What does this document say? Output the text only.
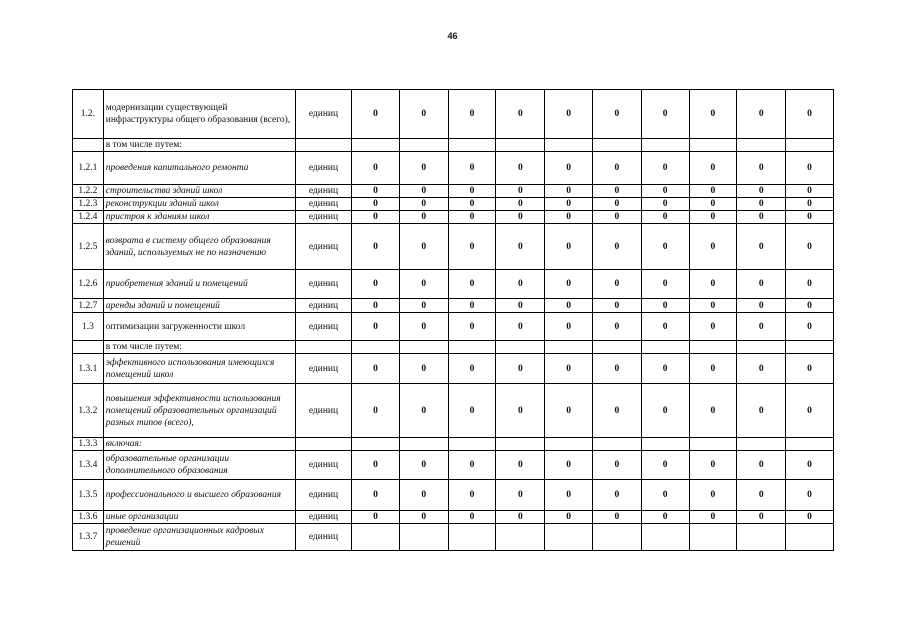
46
1.2.	модернизации существующей инфраструктуры общего образования (всего),	единиц	0	0	0	0	0	0	0	0	0	0
	в том числе путем:											
1.2.1	проведения капитального ремонта	единиц	0	0	0	0	0	0	0	0	0	0
1.2.2	строительства зданий школ	единиц	0	0	0	0	0	0	0	0	0	0
1.2.3	реконструкции зданий школ	единиц	0	0	0	0	0	0	0	0	0	0
1.2.4	пристроя к зданиям школ	единиц	0	0	0	0	0	0	0	0	0	0
1.2.5	возврата в систему общего образования зданий, используемых не по назначению	единиц	0	0	0	0	0	0	0	0	0	0
1.2.6	приобретения зданий и помещений	единиц	0	0	0	0	0	0	0	0	0	0
1.2.7	аренды зданий и помещений	единиц	0	0	0	0	0	0	0	0	0	0
1.3	оптимизации загруженности школ	единиц	0	0	0	0	0	0	0	0	0	0
	в том числе путем:											
1.3.1	эффективного использования имеющихся помещений школ	единиц	0	0	0	0	0	0	0	0	0	0
1.3.2	повышения эффективности использования помещений образовательных организаций разных типов (всего),	единиц	0	0	0	0	0	0	0	0	0	0
1.3.3	включая:											
1.3.4	образовательные организации дополнительного образования	единиц	0	0	0	0	0	0	0	0	0	0
1.3.5	профессионального и высшего образования	единиц	0	0	0	0	0	0	0	0	0	0
1.3.6	иные организации	единиц	0	0	0	0	0	0	0	0	0	0
1.3.7	проведение организационных кадровых решений	единиц										
